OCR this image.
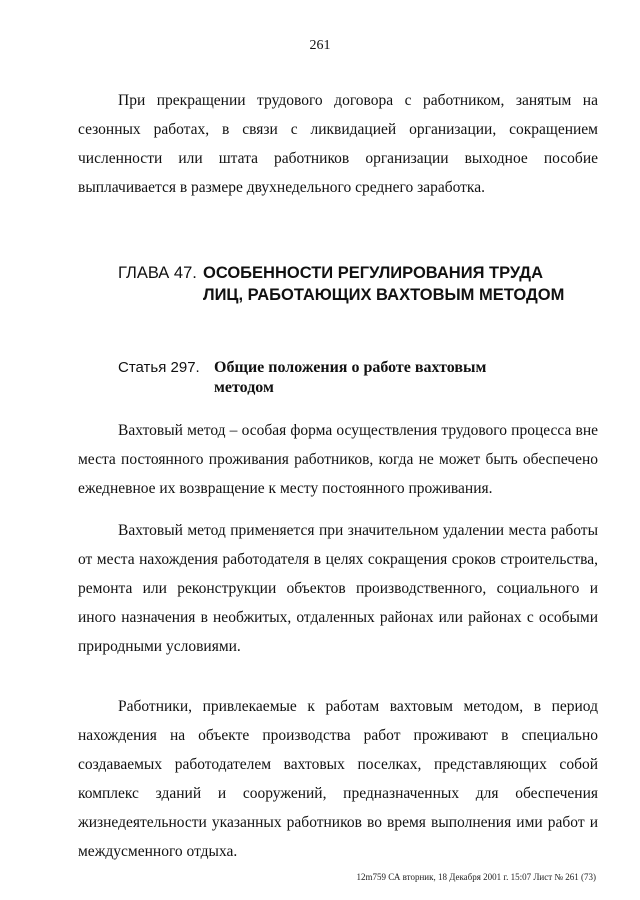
261

При прекращении трудового договора с работником, занятым на сезонных работах, в связи с ликвидацией организации, сокращением численности или штата работников организации выходное пособие выплачивается в размере двухнедельного среднего заработка.

ГЛАВА 47. ОСОБЕННОСТИ РЕГУЛИРОВАНИЯ ТРУДА ЛИЦ, РАБОТАЮЩИХ ВАХТОВЫМ МЕТОДОМ
Статья 297. Общие положения о работе вахтовым методом

Вахтовый метод – особая форма осуществления трудового процесса вне места постоянного проживания работников, когда не может быть обеспечено ежедневное их возвращение к месту постоянного проживания.

Вахтовый метод применяется при значительном удалении места работы от места нахождения работодателя в целях сокращения сроков строительства, ремонта или реконструкции объектов производственного, социального и иного назначения в необжитых, отдаленных районах или районах с особыми природными условиями.

Работники, привлекаемые к работам вахтовым методом, в период нахождения на объекте производства работ проживают в специально создаваемых работодателем вахтовых поселках, представляющих собой комплекс зданий и сооружений, предназначенных для обеспечения жизнедеятельности указанных работников во время выполнения ими работ и междусменного отдыха.

12m759 СА вторник, 18 Декабря 2001 г. 15:07 Лист № 261 (73)
